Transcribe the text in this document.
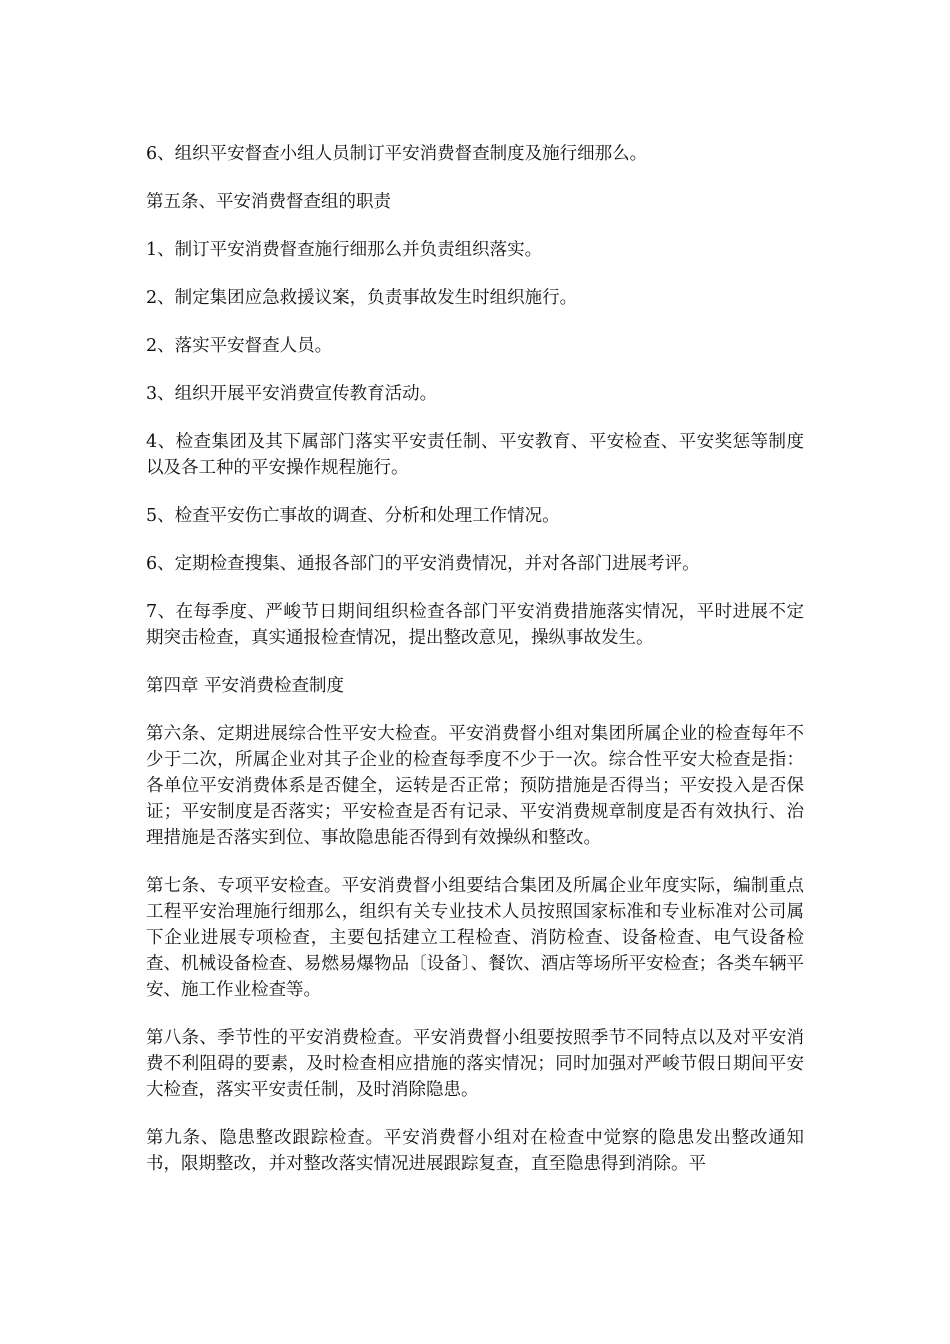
6、组织平安督查小组人员制订平安消费督查制度及施行细那么。

第五条、平安消费督查组的职责

1、制订平安消费督查施行细那么并负责组织落实。

2、制定集团应急救援议案，负责事故发生时组织施行。

2、落实平安督查人员。

3、组织开展平安消费宣传教育活动。

4、检查集团及其下属部门落实平安责任制、平安教育、平安检查、平安奖惩等制度以及各工种的平安操作规程施行。

5、检查平安伤亡事故的调查、分析和处理工作情况。

6、定期检查搜集、通报各部门的平安消费情况，并对各部门进展考评。

7、在每季度、严峻节日期间组织检查各部门平安消费措施落实情况，平时进展不定期突击检查，真实通报检查情况，提出整改意见，操纵事故发生。

第四章 平安消费检查制度

第六条、定期进展综合性平安大检查。平安消费督小组对集团所属企业的检查每年不少于二次，所属企业对其子企业的检查每季度不少于一次。综合性平安大检查是指：各单位平安消费体系是否健全，运转是否正常；预防措施是否得当；平安投入是否保证；平安制度是否落实；平安检查是否有记录、平安消费规章制度是否有效执行、治理措施是否落实到位、事故隐患能否得到有效操纵和整改。

第七条、专项平安检查。平安消费督小组要结合集团及所属企业年度实际，编制重点工程平安治理施行细那么，组织有关专业技术人员按照国家标准和专业标准对公司属下企业进展专项检查，主要包括建立工程检查、消防检查、设备检查、电气设备检查、机械设备检查、易燃易爆物品〔设备〕、餐饮、酒店等场所平安检查；各类车辆平安、施工作业检查等。

第八条、季节性的平安消费检查。平安消费督小组要按照季节不同特点以及对平安消费不利阻碍的要素，及时检查相应措施的落实情况；同时加强对严峻节假日期间平安大检查，落实平安责任制，及时消除隐患。

第九条、隐患整改跟踪检查。平安消费督小组对在检查中觉察的隐患发出整改通知书，限期整改，并对整改落实情况进展跟踪复查，直至隐患得到消除。平
